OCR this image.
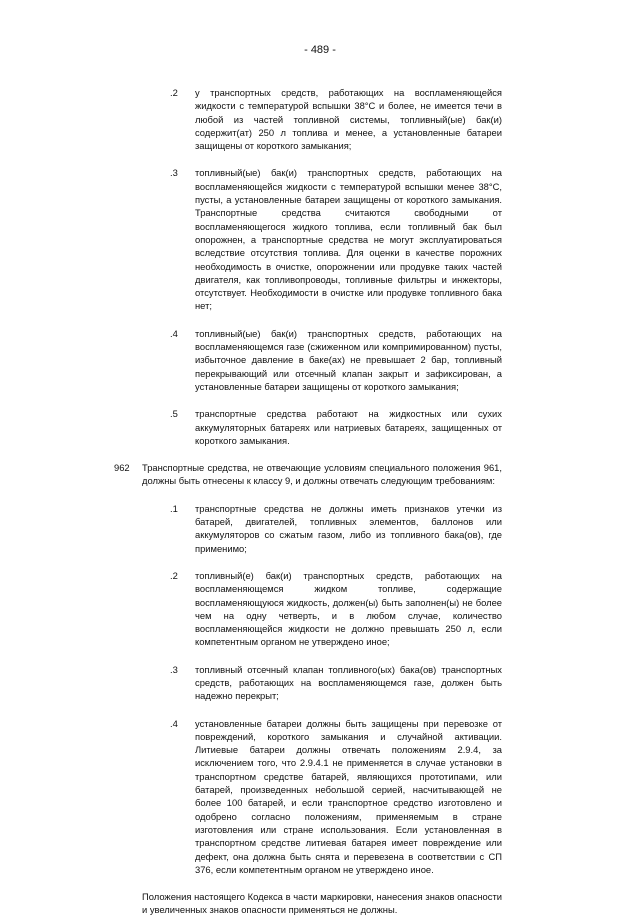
- 489 -
.2	у транспортных средств, работающих на воспламеняющейся жидкости с температурой вспышки 38°C и более, не имеется течи в любой из частей топливной системы, топливный(ые) бак(и) содержит(ат) 250 л топлива и менее, а установленные батареи защищены от короткого замыкания;
.3	топливный(ые) бак(и) транспортных средств, работающих на воспламеняющейся жидкости с температурой вспышки менее 38°C, пусты, а установленные батареи защищены от короткого замыкания. Транспортные средства считаются свободными от воспламеняющегося жидкого топлива, если топливный бак был опорожнен, а транспортные средства не могут эксплуатироваться вследствие отсутствия топлива. Для оценки в качестве порожних необходимость в очистке, опорожнении или продувке таких частей двигателя, как топливопроводы, топливные фильтры и инжекторы, отсутствует. Необходимости в очистке или продувке топливного бака нет;
.4	топливный(ые) бак(и) транспортных средств, работающих на воспламеняющемся газе (сжиженном или компримированном) пусты, избыточное давление в баке(ах) не превышает 2 бар, топливный перекрывающий или отсечный клапан закрыт и зафиксирован, а установленные батареи защищены от короткого замыкания;
.5	транспортные средства работают на жидкостных или сухих аккумуляторных батареях или натриевых батареях, защищенных от короткого замыкания.
962	Транспортные средства, не отвечающие условиям специального положения 961, должны быть отнесены к классу 9, и должны отвечать следующим требованиям:
.1	транспортные средства не должны иметь признаков утечки из батарей, двигателей, топливных элементов, баллонов или аккумуляторов со сжатым газом, либо из топливного бака(ов), где применимо;
.2	топливный(е) бак(и) транспортных средств, работающих на воспламеняющемся жидком топливе, содержащие воспламеняющуюся жидкость, должен(ы) быть заполнен(ы) не более чем на одну четверть, и в любом случае, количество воспламеняющейся жидкости не должно превышать 250 л, если компетентным органом не утверждено иное;
.3	топливный отсечный клапан топливного(ых) бака(ов) транспортных средств, работающих на воспламеняющемся газе, должен быть надежно перекрыт;
.4	установленные батареи должны быть защищены при перевозке от повреждений, короткого замыкания и случайной активации. Литиевые батареи должны отвечать положениям 2.9.4, за исключением того, что 2.9.4.1 не применяется в случае установки в транспортном средстве батарей, являющихся прототипами, или батарей, произведенных небольшой серией, насчитывающей не более 100 батарей, и если транспортное средство изготовлено и одобрено согласно положениям, применяемым в стране изготовления или стране использования. Если установленная в транспортном средстве литиевая батарея имеет повреждение или дефект, она должна быть снята и перевезена в соответствии с СП 376, если компетентным органом не утверждено иное.
Положения настоящего Кодекса в части маркировки, нанесения знаков опасности и увеличенных знаков опасности применяться не должны.
